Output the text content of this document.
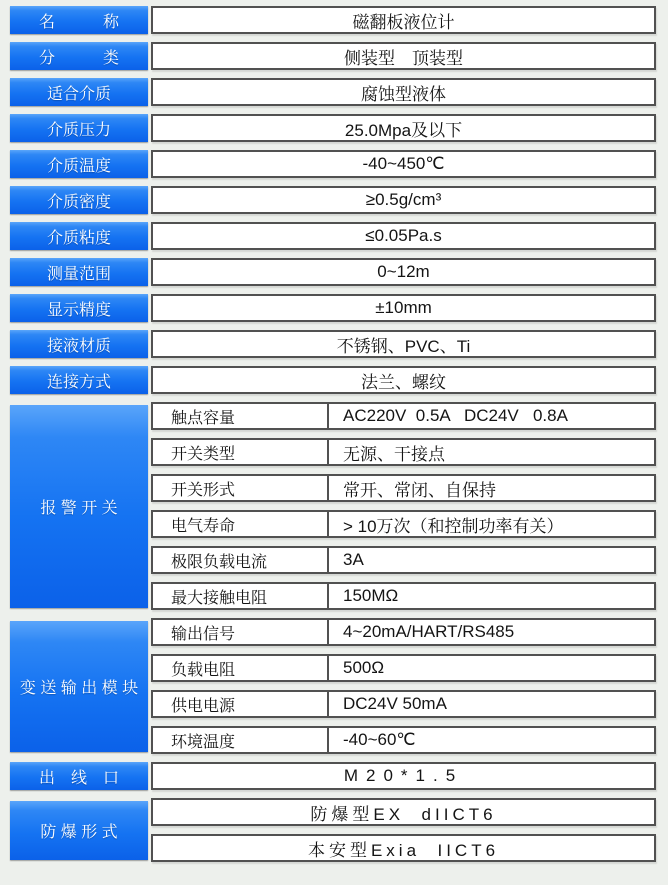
名　　　称	磁翻板液位计
分　　　类	侧装型　顶装型
适合介质	腐蚀型液体
介质压力	25.0Mpa及以下
介质温度	-40~450℃
介质密度	≥0.5g/cm³
介质粘度	≤0.05Pa.s
测量范围	0~12m
显示精度	±10mm
接液材质	不锈钢、PVC、Ti
连接方式	法兰、螺纹
报 警 开 关
触点容量	AC220V  0.5A   DC24V   0.8A
开关类型	无源、干接点
开关形式	常开、常闭、自保持
电气寿命	> 10万次（和控制功率有关）
极限负载电流	3A
最大接触电阻	150MΩ
变 送 输 出 模 块
输出信号	4~20mA/HART/RS485
负载电阻	500Ω
供电电源	DC24V 50mA
环境温度	-40~60℃
出　线　口	M20*1.5
防 爆 形 式
防爆型EX  dIICT6
本安型Exia  IICT6
